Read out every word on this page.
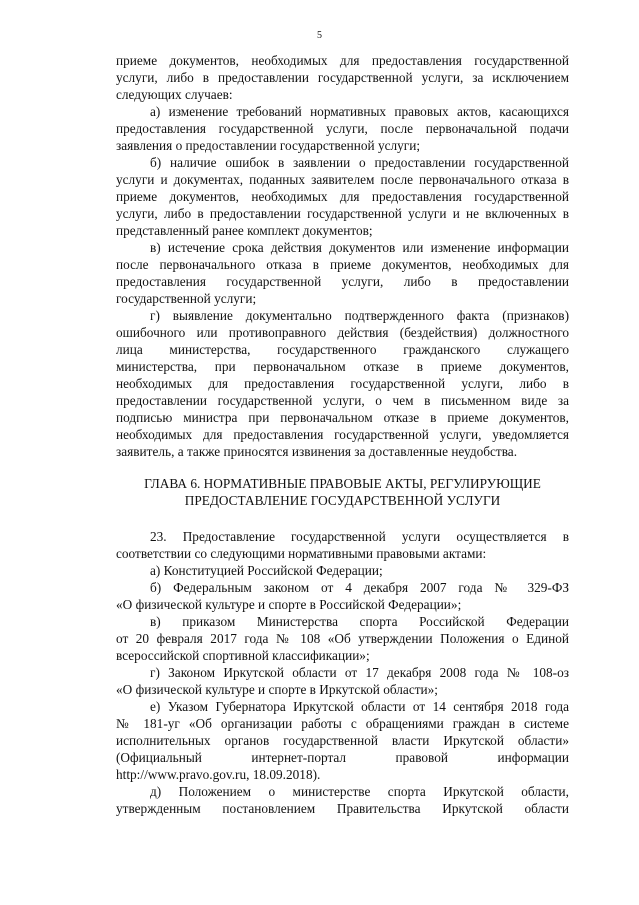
5
приеме документов, необходимых для предоставления государственной
услуги, либо в предоставлении государственной услуги, за исключением
следующих случаев:
а) изменение требований нормативных правовых актов, касающихся
предоставления государственной услуги, после первоначальной подачи
заявления о предоставлении государственной услуги;
б) наличие ошибок в заявлении о предоставлении государственной
услуги и документах, поданных заявителем после первоначального отказа в
приеме документов, необходимых для предоставления государственной
услуги, либо в предоставлении государственной услуги и не включенных в
представленный ранее комплект документов;
в) истечение срока действия документов или изменение информации
после первоначального отказа в приеме документов, необходимых для
предоставления государственной услуги, либо в предоставлении
государственной услуги;
г) выявление документально подтвержденного факта (признаков)
ошибочного или противоправного действия (бездействия) должностного
лица министерства, государственного гражданского служащего
министерства, при первоначальном отказе в приеме документов,
необходимых для предоставления государственной услуги, либо в
предоставлении государственной услуги, о чем в письменном виде за
подписью министра при первоначальном отказе в приеме документов,
необходимых для предоставления государственной услуги, уведомляется
заявитель, а также приносятся извинения за доставленные неудобства.
ГЛАВА 6. НОРМАТИВНЫЕ ПРАВОВЫЕ АКТЫ, РЕГУЛИРУЮЩИЕ
ПРЕДОСТАВЛЕНИЕ ГОСУДАРСТВЕННОЙ УСЛУГИ
23. Предоставление государственной услуги осуществляется в
соответствии со следующими нормативными правовыми актами:
а) Конституцией Российской Федерации;
б) Федеральным законом от 4 декабря 2007 года № 329-ФЗ
«О физической культуре и спорте в Российской Федерации»;
в) приказом Министерства спорта Российской Федерации
от 20 февраля 2017 года № 108 «Об утверждении Положения о Единой
всероссийской спортивной классификации»;
г) Законом Иркутской области от 17 декабря 2008 года № 108-оз
«О физической культуре и спорте в Иркутской области»;
е) Указом Губернатора Иркутской области от 14 сентября 2018 года
№ 181-уг «Об организации работы с обращениями граждан в системе
исполнительных органов государственной власти Иркутской области»
(Официальный интернет-портал правовой информации
http://www.pravo.gov.ru, 18.09.2018).
д) Положением о министерстве спорта Иркутской области,
утвержденным постановлением Правительства Иркутской области
